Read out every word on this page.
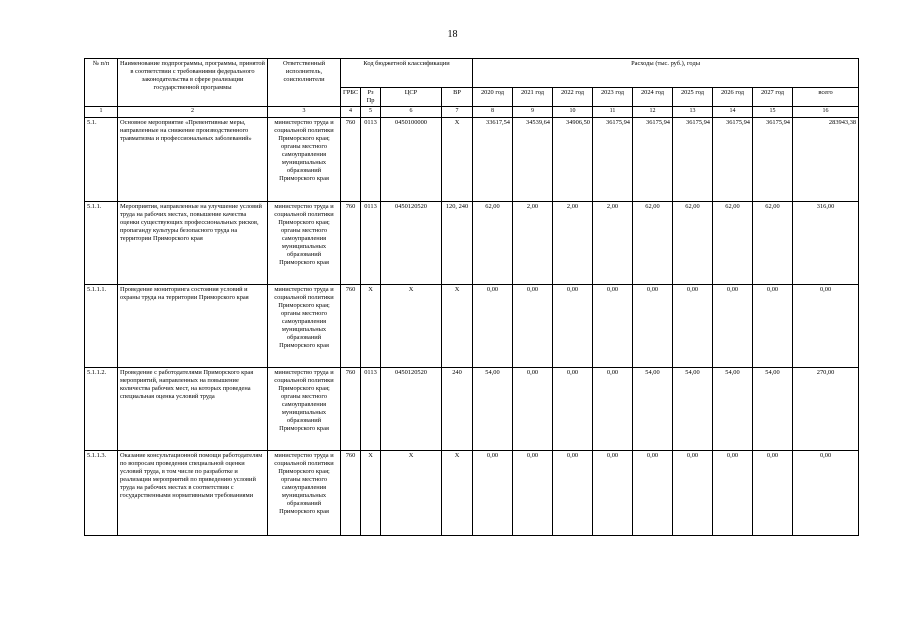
18
№ п/п	Наименование подпрограммы, программы, принятой в соответствии с требованиями федерального законодательства в сфере реализации государственной программы	Ответственный исполнитель, соисполнители	Код бюджетной классификации				Расходы (тыс. руб.), годы								
			ГРБС	Рз Пр	ЦСР	ВР	2020 год	2021 год	2022 год	2023 год	2024 год	2025 год	2026 год	2027 год	всего
1	2	3	4	5	6	7	8	9	10	11	12	13	14	15	16
5.1.	Основное мероприятие «Превентивные меры, направленные на снижение производственного травматизма и профессиональных заболеваний»	министерство труда и социальной политики Приморского края; органы местного самоуправления муниципальных образований Приморского края	760	0113	0450100000	Х	33617,54	34539,64	34906,50	36175,94	36175,94	36175,94	36175,94	36175,94	283943,38
5.1.1.	Мероприятия, направленные на улучшение условий труда на рабочих местах, повышение качества оценки существующих профессиональных рисков, пропаганду культуры безопасного труда на территории Приморского края	министерство труда и социальной политики Приморского края; органы местного самоуправления муниципальных образований Приморского края	760	0113	0450120520	120, 240	62,00	2,00	2,00	2,00	62,00	62,00	62,00	62,00	316,00
5.1.1.1.	Проведение мониторинга состояния условий и охраны труда на территории Приморского края	министерство труда и социальной политики Приморского края; органы местного самоуправления муниципальных образований Приморского края	760	Х	Х	Х	0,00	0,00	0,00	0,00	0,00	0,00	0,00	0,00	0,00
5.1.1.2.	Проведение с работодателями Приморского края мероприятий, направленных на повышение количества рабочих мест, на которых проведена специальная оценка условий труда	министерство труда и социальной политики Приморского края; органы местного самоуправления муниципальных образований Приморского края	760	0113	0450120520	240	54,00	0,00	0,00	0,00	54,00	54,00	54,00	54,00	270,00
5.1.1.3.	Оказание консультационной помощи работодателям по вопросам проведения специальной оценки условий труда, в том числе по разработке и реализации мероприятий по приведению условий труда на рабочих местах в соответствии с государственными нормативными требованиями	министерство труда и социальной политики Приморского края; органы местного самоуправления муниципальных образований Приморского края	760	Х	Х	Х	0,00	0,00	0,00	0,00	0,00	0,00	0,00	0,00	0,00
